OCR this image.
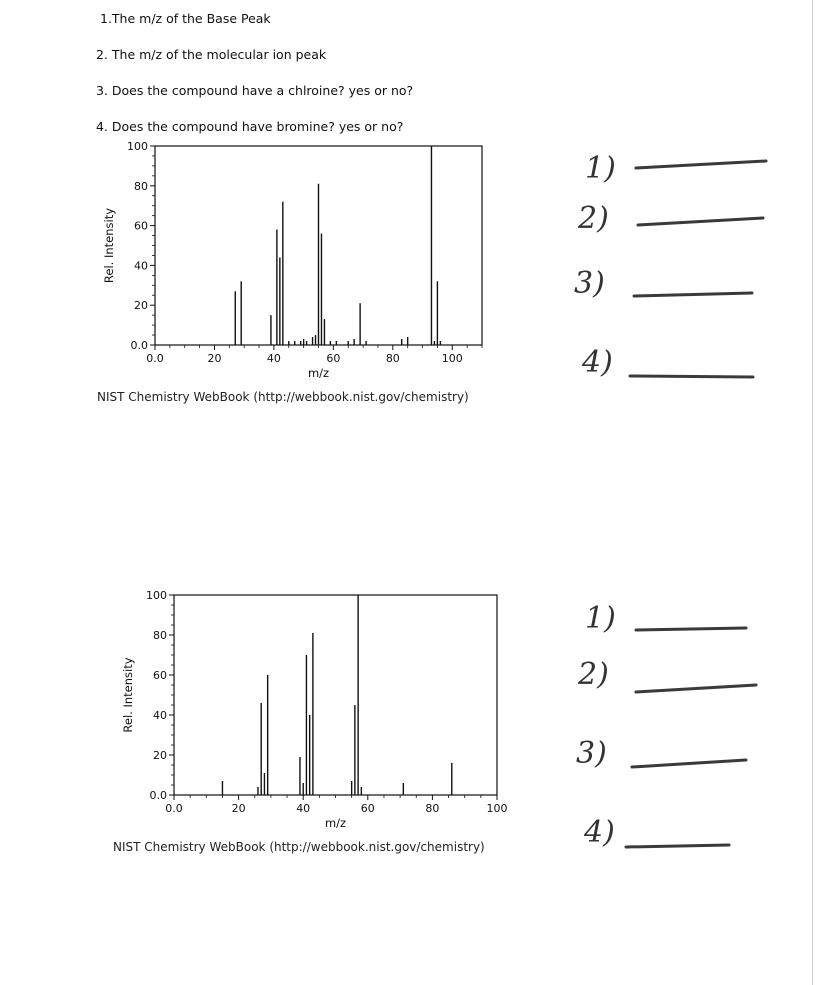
1.The m/z of the Base Peak
2. The m/z of the molecular ion peak
3. Does the compound have a chlroine? yes or no?
4. Does the compound have bromine? yes or no?
0.0
20
40
60
80
100
0.0	20	40	60	80	100
m/z
Rel. Intensity
NIST Chemistry WebBook (http://webbook.nist.gov/chemistry)
0.0
20
40
60
80
100
0.0	20	40	60	80	100
m/z
Rel. Intensity
NIST Chemistry WebBook (http://webbook.nist.gov/chemistry)
1)
2)
3)
4)
1)
2)
3)
4)
